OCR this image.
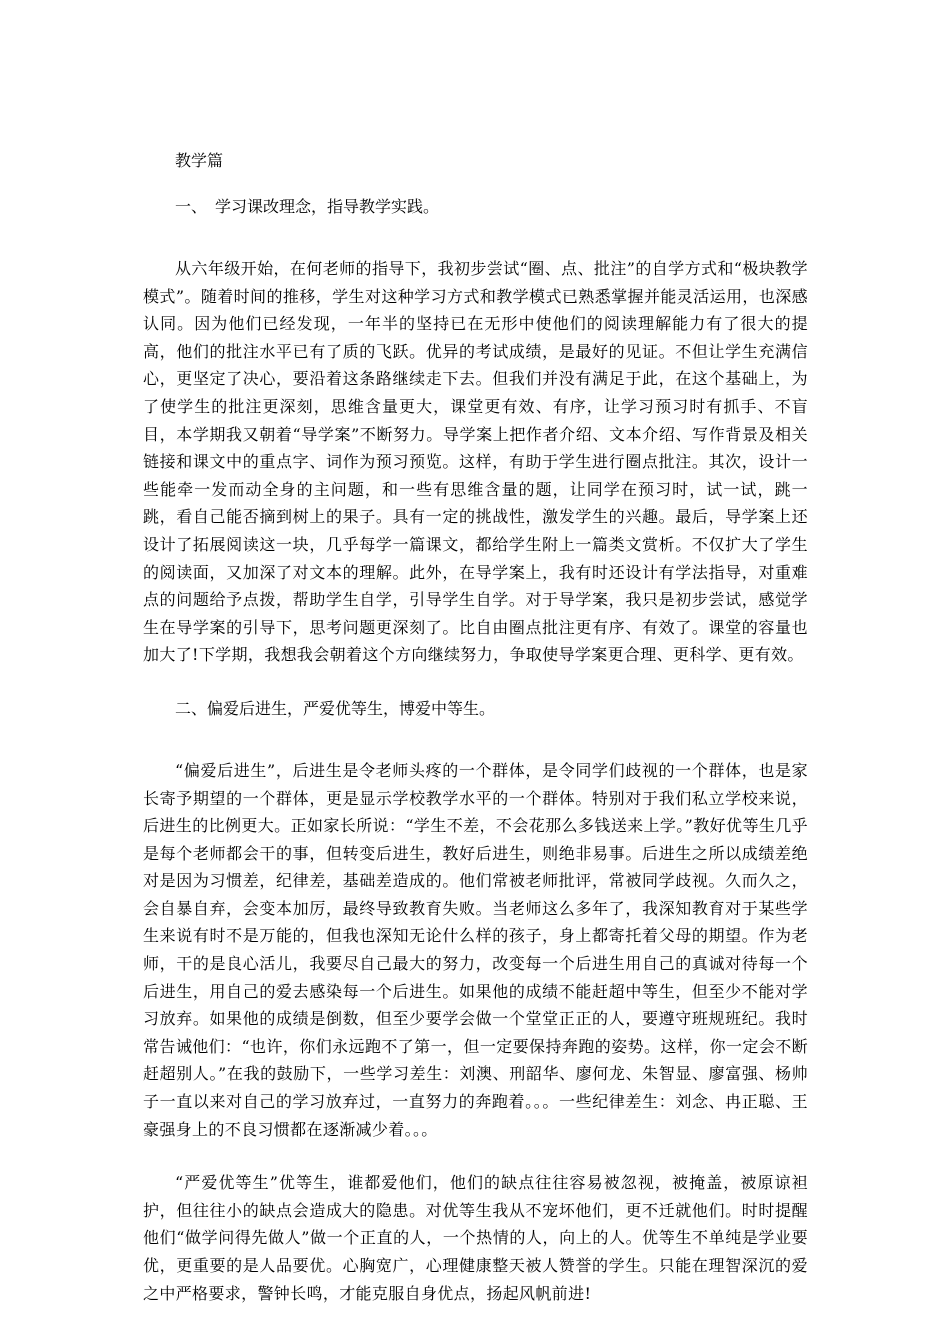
教学篇

一、　学习课改理念，指导教学实践。

从六年级开始，在何老师的指导下，我初步尝试“圈、点、批注”的自学方式和“极块教学模式”。随着时间的推移，学生对这种学习方式和教学模式已熟悉掌握并能灵活运用，也深感认同。因为他们已经发现，一年半的坚持已在无形中使他们的阅读理解能力有了很大的提高，他们的批注水平已有了质的飞跃。优异的考试成绩，是最好的见证。不但让学生充满信心，更坚定了决心，要沿着这条路继续走下去。但我们并没有满足于此，在这个基础上，为了使学生的批注更深刻，思维含量更大，课堂更有效、有序，让学习预习时有抓手、不盲目，本学期我又朝着“导学案”不断努力。导学案上把作者介绍、文本介绍、写作背景及相关链接和课文中的重点字、词作为预习预览。这样，有助于学生进行圈点批注。其次，设计一些能牵一发而动全身的主问题，和一些有思维含量的题，让同学在预习时，试一试，跳一跳，看自己能否摘到树上的果子。具有一定的挑战性，激发学生的兴趣。最后，导学案上还设计了拓展阅读这一块，几乎每学一篇课文，都给学生附上一篇类文赏析。不仅扩大了学生的阅读面，又加深了对文本的理解。此外，在导学案上，我有时还设计有学法指导，对重难点的问题给予点拨，帮助学生自学，引导学生自学。对于导学案，我只是初步尝试，感觉学生在导学案的引导下，思考问题更深刻了。比自由圈点批注更有序、有效了。课堂的容量也加大了!下学期，我想我会朝着这个方向继续努力，争取使导学案更合理、更科学、更有效。

二、偏爱后进生，严爱优等生，博爱中等生。

“偏爱后进生”，后进生是令老师头疼的一个群体，是令同学们歧视的一个群体，也是家长寄予期望的一个群体，更是显示学校教学水平的一个群体。特别对于我们私立学校来说，后进生的比例更大。正如家长所说：“学生不差，不会花那么多钱送来上学。”教好优等生几乎是每个老师都会干的事，但转变后进生，教好后进生，则绝非易事。后进生之所以成绩差绝对是因为习惯差，纪律差，基础差造成的。他们常被老师批评，常被同学歧视。久而久之，会自暴自弃，会变本加厉，最终导致教育失败。当老师这么多年了，我深知教育对于某些学生来说有时不是万能的，但我也深知无论什么样的孩子，身上都寄托着父母的期望。作为老师，干的是良心活儿，我要尽自己最大的努力，改变每一个后进生用自己的真诚对待每一个后进生，用自己的爱去感染每一个后进生。如果他的成绩不能赶超中等生，但至少不能对学习放弃。如果他的成绩是倒数，但至少要学会做一个堂堂正正的人，要遵守班规班纪。我时常告诫他们：“也许，你们永远跑不了第一，但一定要保持奔跑的姿势。这样，你一定会不断赶超别人。”在我的鼓励下，一些学习差生：刘澳、刑韶华、廖何龙、朱智显、廖富强、杨帅子一直以来对自己的学习放弃过，一直努力的奔跑着。。。一些纪律差生：刘念、冉正聪、王豪强身上的不良习惯都在逐渐减少着。。。

“严爱优等生”优等生，谁都爱他们，他们的缺点往往容易被忽视，被掩盖，被原谅袒护，但往往小的缺点会造成大的隐患。对优等生我从不宠坏他们，更不迁就他们。时时提醒他们“做学问得先做人”做一个正直的人，一个热情的人，向上的人。优等生不单纯是学业要优，更重要的是人品要优。心胸宽广，心理健康整天被人赞誉的学生。只能在理智深沉的爱之中严格要求，警钟长鸣，才能克服自身优点，扬起风帆前进!
